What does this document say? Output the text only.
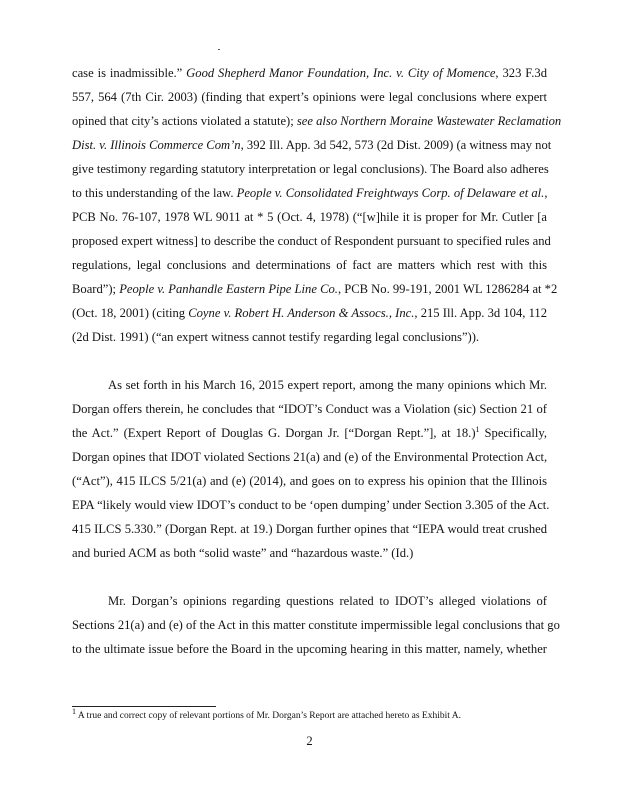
case is inadmissible.” Good Shepherd Manor Foundation, Inc. v. City of Momence, 323 F.3d
557, 564 (7th Cir. 2003) (finding that expert’s opinions were legal conclusions where expert
opined that city’s actions violated a statute); see also Northern Moraine Wastewater Reclamation
Dist. v. Illinois Commerce Com’n, 392 Ill. App. 3d 542, 573 (2d Dist. 2009) (a witness may not
give testimony regarding statutory interpretation or legal conclusions). The Board also adheres
to this understanding of the law. People v. Consolidated Freightways Corp. of Delaware et al.,
PCB No. 76-107, 1978 WL 9011 at * 5 (Oct. 4, 1978) (“[w]hile it is proper for Mr. Cutler [a
proposed expert witness] to describe the conduct of Respondent pursuant to specified rules and
regulations, legal conclusions and determinations of fact are matters which rest with this
Board”); People v. Panhandle Eastern Pipe Line Co., PCB No. 99-191, 2001 WL 1286284 at *2
(Oct. 18, 2001) (citing Coyne v. Robert H. Anderson & Assocs., Inc., 215 Ill. App. 3d 104, 112
(2d Dist. 1991) (“an expert witness cannot testify regarding legal conclusions”)).
As set forth in his March 16, 2015 expert report, among the many opinions which Mr.
Dorgan offers therein, he concludes that “IDOT’s Conduct was a Violation (sic) Section 21 of
the Act.” (Expert Report of Douglas G. Dorgan Jr. [“Dorgan Rept.”], at 18.)$^1$ Specifically,
Dorgan opines that IDOT violated Sections 21(a) and (e) of the Environmental Protection Act,
(“Act”), 415 ILCS 5/21(a) and (e) (2014), and goes on to express his opinion that the Illinois
EPA “likely would view IDOT’s conduct to be ‘open dumping’ under Section 3.305 of the Act.
415 ILCS 5.330.” (Dorgan Rept. at 19.) Dorgan further opines that “IEPA would treat crushed
and buried ACM as both “solid waste” and “hazardous waste.” (Id.)
Mr. Dorgan’s opinions regarding questions related to IDOT’s alleged violations of
Sections 21(a) and (e) of the Act in this matter constitute impermissible legal conclusions that go
to the ultimate issue before the Board in the upcoming hearing in this matter, namely, whether
$^1$ A true and correct copy of relevant portions of Mr. Dorgan’s Report are attached hereto as Exhibit A.
2
